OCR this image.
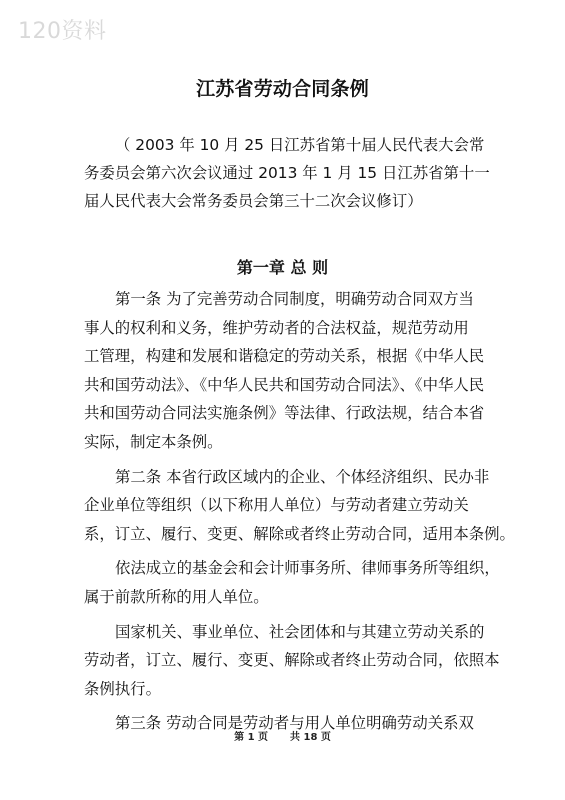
120资料
江苏省劳动合同条例
（ 2003 年 10 月 25 日江苏省第十届人民代表大会常
务委员会第六次会议通过 2013 年 1 月 15 日江苏省第十一
届人民代表大会常务委员会第三十二次会议修订）
第一章 总 则
第一条 为了完善劳动合同制度，明确劳动合同双方当
事人的权利和义务，维护劳动者的合法权益，规范劳动用
工管理，构建和发展和谐稳定的劳动关系，根据《中华人民
共和国劳动法》、《中华人民共和国劳动合同法》、《中华人民
共和国劳动合同法实施条例》等法律、行政法规，结合本省
实际，制定本条例。
第二条 本省行政区域内的企业、个体经济组织、民办非
企业单位等组织（以下称用人单位）与劳动者建立劳动关
系，订立、履行、变更、解除或者终止劳动合同，适用本条例。
依法成立的基金会和会计师事务所、律师事务所等组织，
属于前款所称的用人单位。
国家机关、事业单位、社会团体和与其建立劳动关系的
劳动者，订立、履行、变更、解除或者终止劳动合同，依照本
条例执行。
第三条 劳动合同是劳动者与用人单位明确劳动关系双
第 1 页 共 18 页
